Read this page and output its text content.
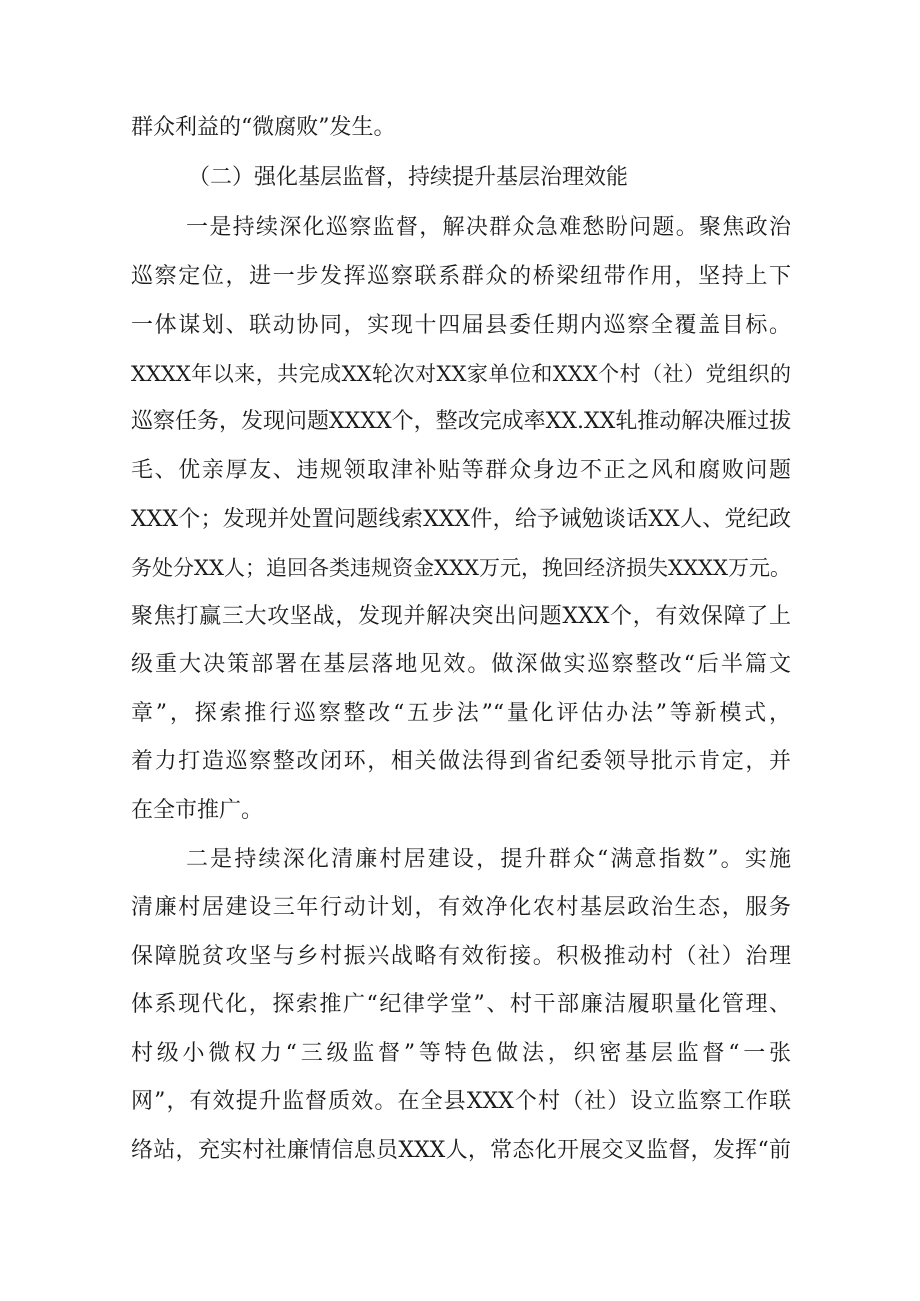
群众利益的“微腐败”发生。
（二）强化基层监督，持续提升基层治理效能
一是持续深化巡察监督，解决群众急难愁盼问题。聚焦政治
巡察定位，进一步发挥巡察联系群众的桥梁纽带作用，坚持上下
一体谋划、联动协同，实现十四届县委任期内巡察全覆盖目标。
XXXX年以来，共完成XX轮次对XX家单位和XXX个村（社）党组织的
巡察任务，发现问题XXXX个，整改完成率XX.XX轧推动解决雁过拔
毛、优亲厚友、违规领取津补贴等群众身边不正之风和腐败问题
XXX个；发现并处置问题线索XXX件，给予诫勉谈话XX人、党纪政
务处分XX人；追回各类违规资金XXX万元，挽回经济损失XXXX万元。
聚焦打赢三大攻坚战，发现并解决突出问题XXX个，有效保障了上
级重大决策部署在基层落地见效。做深做实巡察整改“后半篇文
章”，探索推行巡察整改“五步法”“量化评估办法”等新模式，
着力打造巡察整改闭环，相关做法得到省纪委领导批示肯定，并
在全市推广。
二是持续深化清廉村居建设，提升群众“满意指数”。实施
清廉村居建设三年行动计划，有效净化农村基层政治生态，服务
保障脱贫攻坚与乡村振兴战略有效衔接。积极推动村（社）治理
体系现代化，探索推广“纪律学堂”、村干部廉洁履职量化管理、
村级小微权力“三级监督”等特色做法，织密基层监督“一张
网”，有效提升监督质效。在全县XXX个村（社）设立监察工作联
络站，充实村社廉情信息员XXX人，常态化开展交叉监督，发挥“前
